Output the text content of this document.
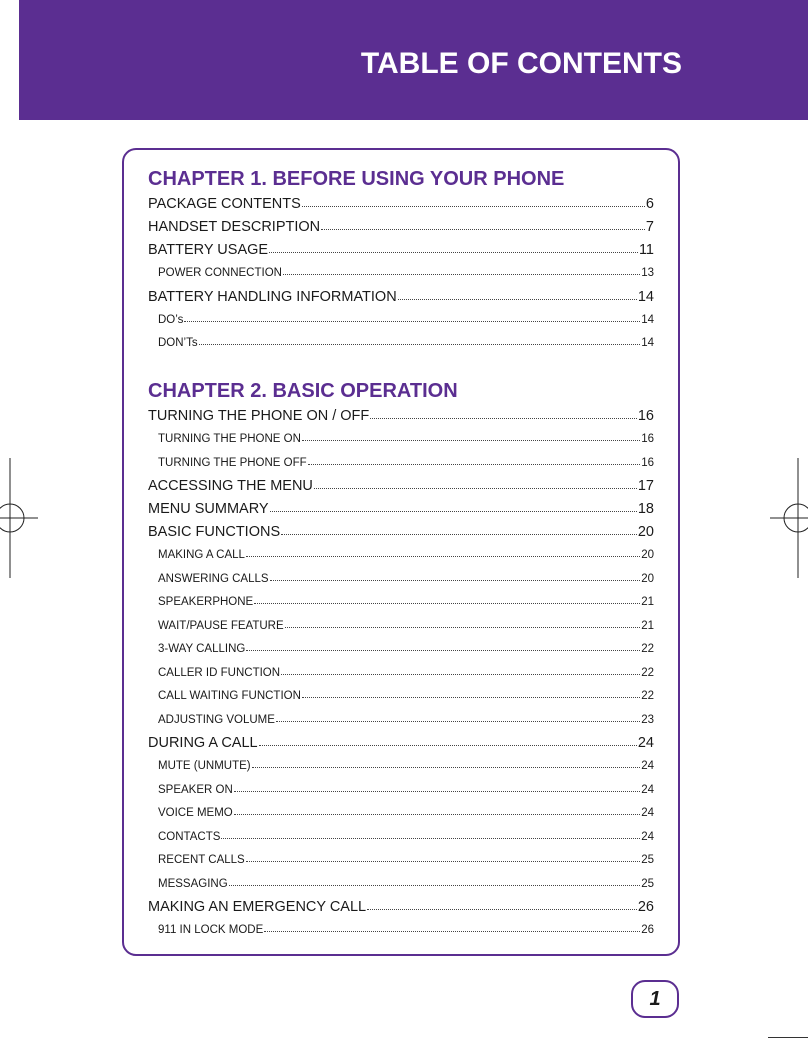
TABLE OF CONTENTS
CHAPTER 1. BEFORE USING YOUR PHONE
PACKAGE CONTENTS	6
HANDSET DESCRIPTION	7
BATTERY USAGE	11
POWER CONNECTION	13
BATTERY HANDLING INFORMATION	14
DO’s	14
DON’Ts	14
CHAPTER 2. BASIC OPERATION
TURNING THE PHONE ON / OFF	16
TURNING THE PHONE ON	16
TURNING THE PHONE OFF	16
ACCESSING THE MENU	17
MENU SUMMARY	18
BASIC FUNCTIONS	20
MAKING A CALL	20
ANSWERING CALLS	20
SPEAKERPHONE	21
WAIT/PAUSE FEATURE	21
3-WAY CALLING	22
CALLER ID FUNCTION	22
CALL WAITING FUNCTION	22
ADJUSTING VOLUME	23
DURING A CALL	24
MUTE (UNMUTE)	24
SPEAKER ON	24
VOICE MEMO	24
CONTACTS	24
RECENT CALLS	25
MESSAGING	25
MAKING AN EMERGENCY CALL	26
911 IN LOCK MODE	26
1
